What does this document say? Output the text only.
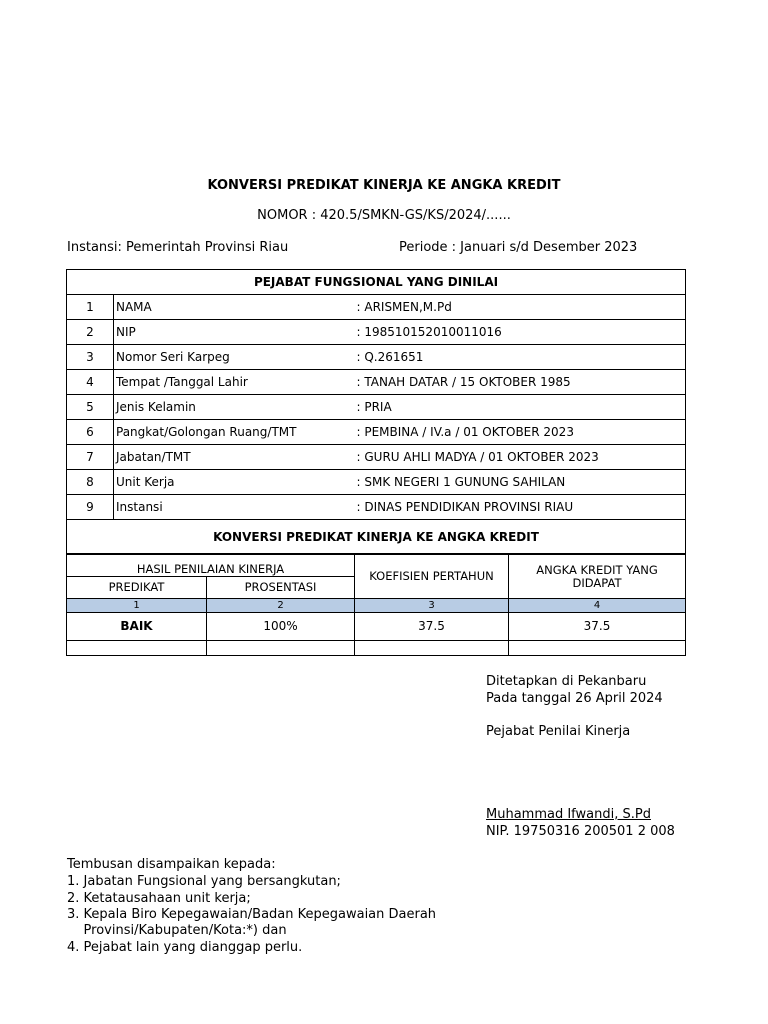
KONVERSI PREDIKAT KINERJA KE ANGKA KREDIT
NOMOR : 420.5/SMKN-GS/KS/2024/......
Instansi: Pemerintah Provinsi Riau	Periode : Januari s/d Desember 2023
PEJABAT FUNGSIONAL YANG DINILAI		
1	NAMA	: ARISMEN,M.Pd
2	NIP	: 198510152010011016
3	Nomor Seri Karpeg	: Q.261651
4	Tempat /Tanggal Lahir	: TANAH DATAR / 15 OKTOBER 1985
5	Jenis Kelamin	: PRIA
6	Pangkat/Golongan Ruang/TMT	: PEMBINA / IV.a / 01 OKTOBER 2023
7	Jabatan/TMT	: GURU AHLI MADYA / 01 OKTOBER 2023
8	Unit Kerja	: SMK NEGERI 1 GUNUNG SAHILAN
9	Instansi	: DINAS PENDIDIKAN PROVINSI RIAU
KONVERSI PREDIKAT KINERJA KE ANGKA KREDIT		
HASIL PENILAIAN KINERJA		KOEFISIEN PERTAHUN	ANGKA KREDIT YANG DIDAPAT
PREDIKAT	PROSENTASI		
1	2	3	4
BAIK	100%	37.5	37.5

Ditetapkan di Pekanbaru
Pada tanggal 26 April 2024
Pejabat Penilai Kinerja
Muhammad Ifwandi, S.Pd
NIP. 19750316 200501 2 008
Tembusan disampaikan kepada:
1. Jabatan Fungsional yang bersangkutan;
2. Ketatausahaan unit kerja;
3. Kepala Biro Kepegawaian/Badan Kepegawaian Daerah
Provinsi/Kabupaten/Kota:*) dan
4. Pejabat lain yang dianggap perlu.
